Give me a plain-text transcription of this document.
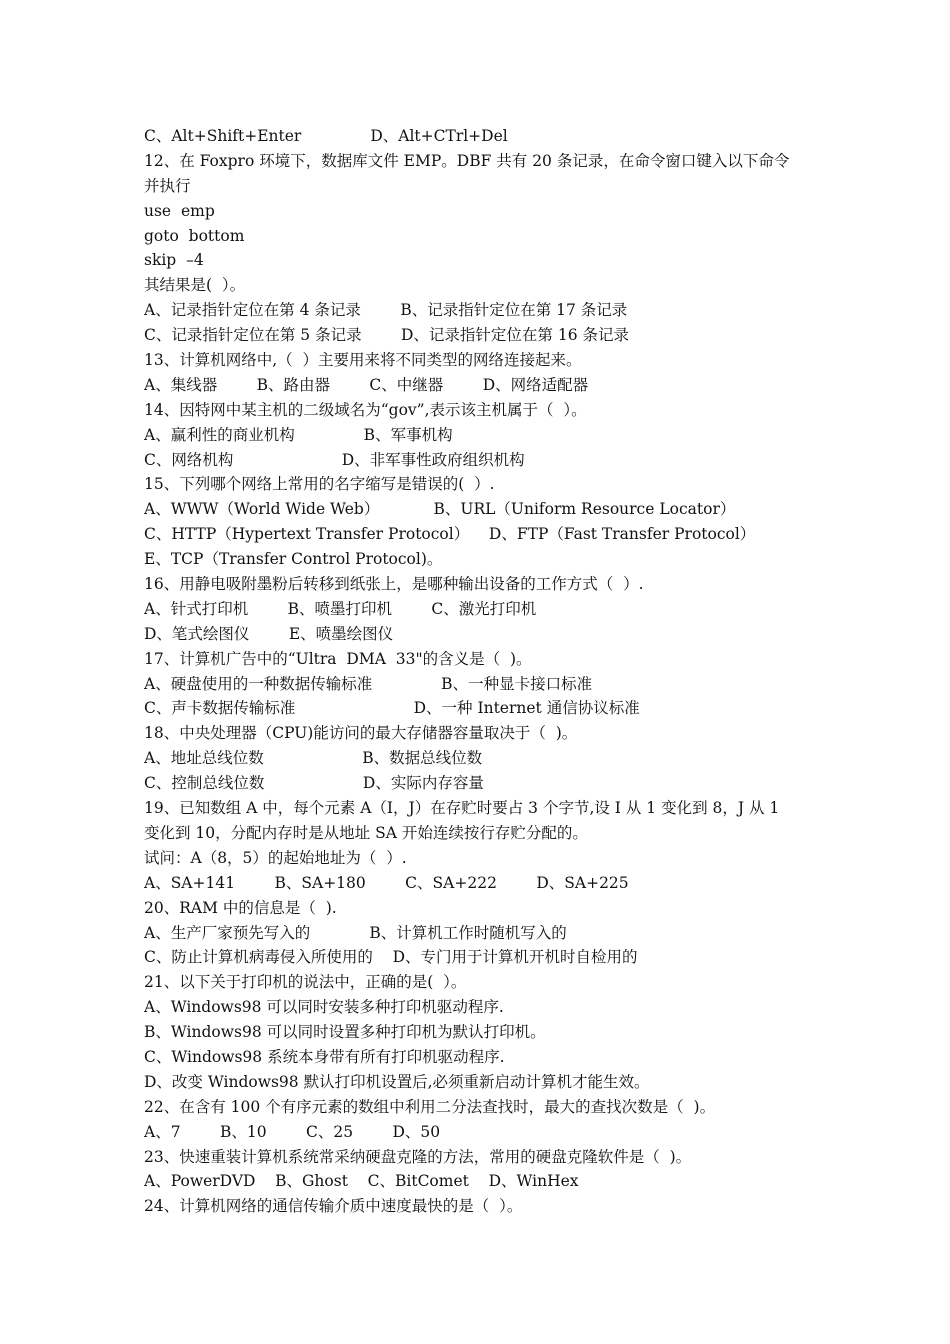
C、Alt+Shift+Enter              D、Alt+CTrl+Del
12、在 Foxpro 环境下，数据库文件 EMP。DBF 共有 20 条记录，在命令窗口键入以下命令
并执行
use  emp
goto  bottom
skip  –4
其结果是(  ）。
A、记录指针定位在第 4 条记录        B、记录指针定位在第 17 条记录
C、记录指针定位在第 5 条记录        D、记录指针定位在第 16 条记录
13、计算机网络中,（  ）主要用来将不同类型的网络连接起来。
A、集线器        B、路由器        C、中继器        D、网络适配器
14、因特网中某主机的二级域名为“gov”,表示该主机属于（  ）。
A、赢利性的商业机构              B、军事机构
C、网络机构                      D、非军事性政府组织机构
15、下列哪个网络上常用的名字缩写是错误的(  ）.
A、WWW（World Wide Web）           B、URL（Uniform Resource Locator）
C、HTTP（Hypertext Transfer Protocol）    D、FTP（Fast Transfer Protocol）
E、TCP（Transfer Control Protocol)。
16、用静电吸附墨粉后转移到纸张上，是哪种输出设备的工作方式（  ）.
A、针式打印机        B、喷墨打印机        C、激光打印机
D、笔式绘图仪        E、喷墨绘图仪
17、计算机广告中的“Ultra  DMA  33"的含义是（  )。
A、硬盘使用的一种数据传输标准              B、一种显卡接口标准
C、声卡数据传输标准                        D、一种 Internet 通信协议标准
18、中央处理器（CPU)能访问的最大存储器容量取决于（  )。
A、地址总线位数                    B、数据总线位数
C、控制总线位数                    D、实际内存容量
19、已知数组 A 中，每个元素 A（I，J）在存贮时要占 3 个字节,设 I 从 1 变化到 8，J 从 1
变化到 10，分配内存时是从地址 SA 开始连续按行存贮分配的。
试问：A（8，5）的起始地址为（  ）.
A、SA+141        B、SA+180        C、SA+222        D、SA+225
20、RAM 中的信息是（  ).
A、生产厂家预先写入的            B、计算机工作时随机写入的
C、防止计算机病毒侵入所使用的    D、专门用于计算机开机时自检用的
21、以下关于打印机的说法中，正确的是(  ）。
A、Windows98 可以同时安装多种打印机驱动程序.
B、Windows98 可以同时设置多种打印机为默认打印机。
C、Windows98 系统本身带有所有打印机驱动程序.
D、改变 Windows98 默认打印机设置后,必须重新启动计算机才能生效。
22、在含有 100 个有序元素的数组中利用二分法查找时，最大的查找次数是（  )。
A、7        B、10        C、25        D、50
23、快速重装计算机系统常采纳硬盘克隆的方法，常用的硬盘克隆软件是（  )。
A、PowerDVD    B、Ghost    C、BitComet    D、WinHex
24、计算机网络的通信传输介质中速度最快的是（  ）。
